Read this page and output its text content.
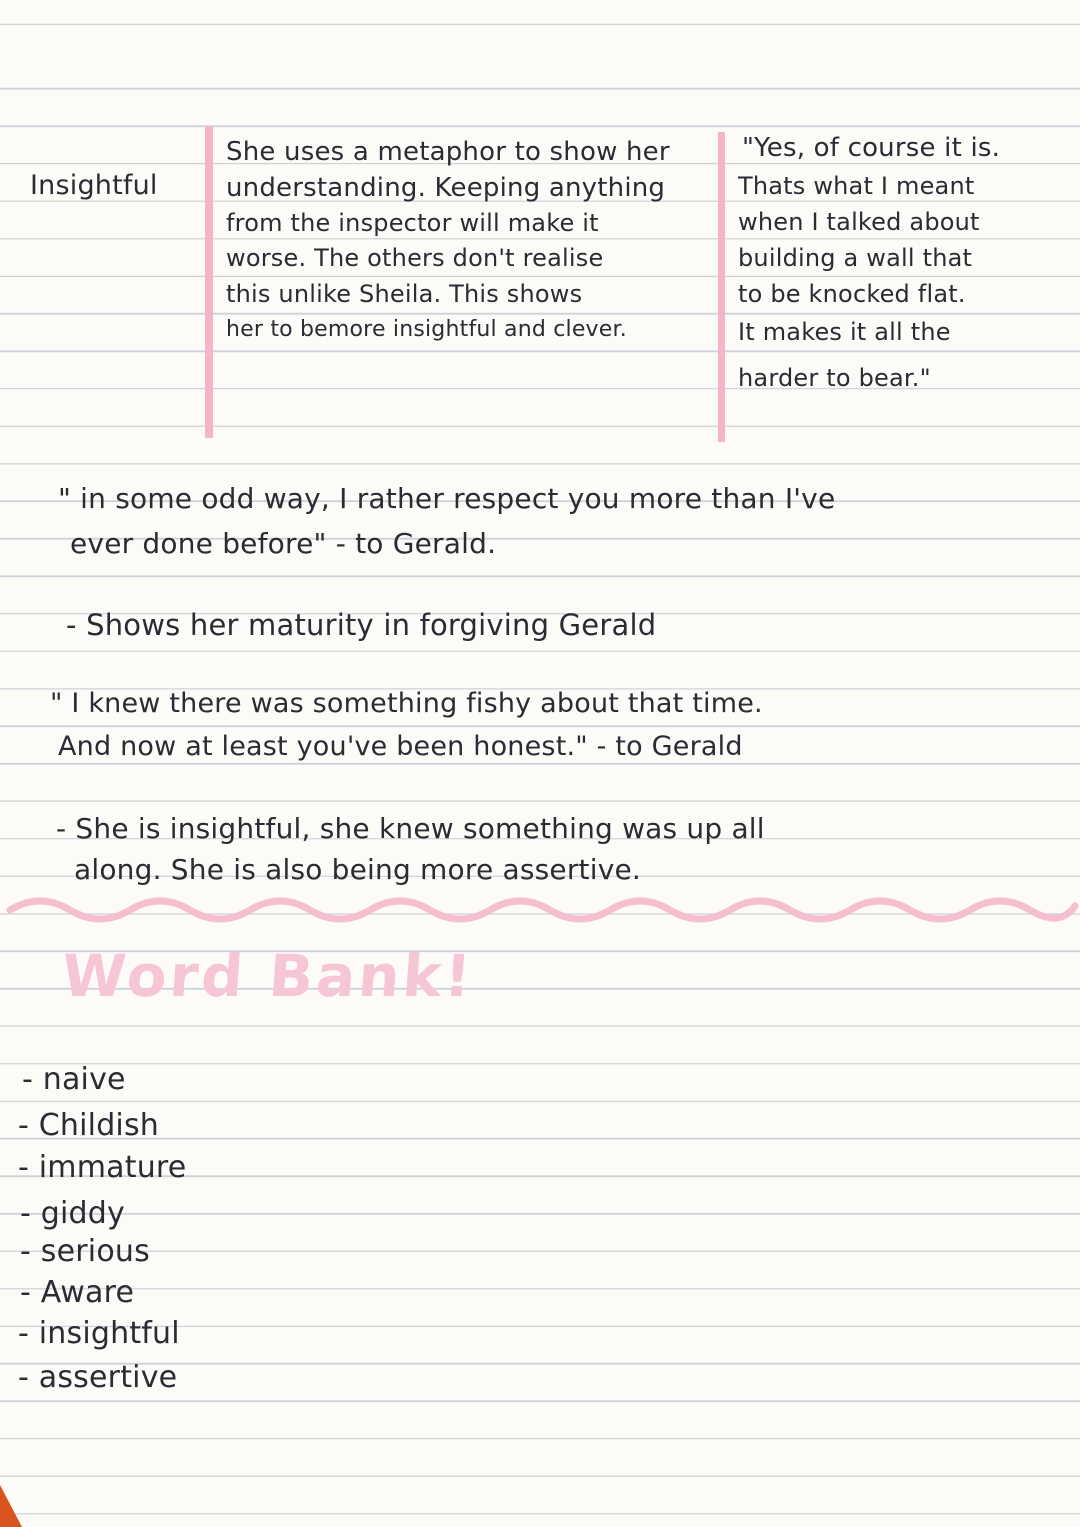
Insightful
She uses a metaphor to show her
understanding. Keeping anything
from the inspector will make it
worse. The others don't realise
this unlike Sheila. This shows
her to bemore insightful and clever.
"Yes, of course it is.
Thats what I meant
when I talked about
building a wall that
to be knocked flat.
It makes it all the
harder to bear."
" in some odd way, I rather respect you more than I've
ever done before" - to Gerald.
- Shows her maturity in forgiving Gerald
" I knew there was something fishy about that time.
And now at least you've been honest." - to Gerald
- She is insightful, she knew something was up all
along. She is also being more assertive.
Word Bank!
- naive
- Childish
- immature
- giddy
- serious
- Aware
- insightful
- assertive
